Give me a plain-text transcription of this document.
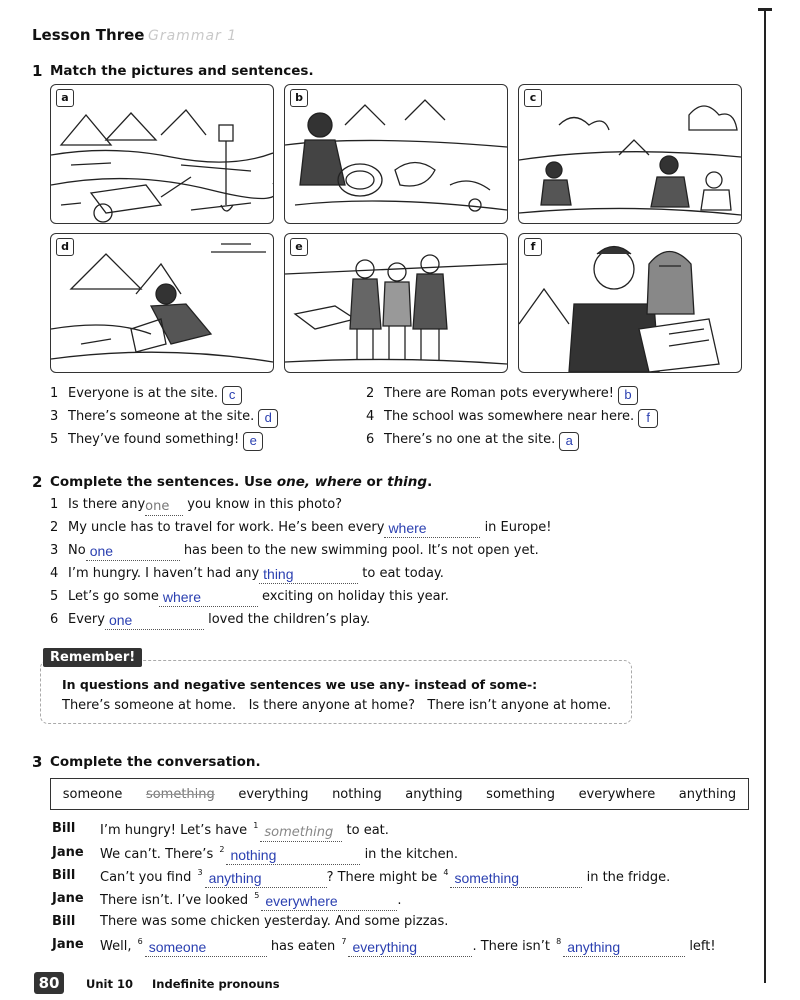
Lesson Three Grammar 1
1 Match the pictures and sentences.
a	b	c
d	e	f
1 Everyone is at the site. c	2 There are Roman pots everywhere! b
3 There’s someone at the site. d	4 The school was somewhere near here. f
5 They’ve found something! e	6 There’s no one at the site. a
2 Complete the sentences. Use one, where or thing.
1 Is there anyone you know in this photo?
2 My uncle has to travel for work. He’s been every where	in Europe!
3 No one	has been to the new swimming pool. It’s not open yet.
4 I’m hungry. I haven’t had any thing	to eat today.
5 Let’s go some where	exciting on holiday this year.
6 Every one	loved the children’s play.
Remember!
In questions and negative sentences we use any- instead of some-:
There’s someone at home.   Is there anyone at home?   There isn’t anyone at home.
3 Complete the conversation.
someone something everything nothing anything something everywhere anything
Bill I’m hungry! Let’s have $^1$ something to eat.
Jane We can’t. There’s $^2$ nothing	in the kitchen.
Bill Can’t you find $^3$ anything	? There might be $^4$ something	in the fridge.
Jane There isn’t. I’ve looked $^5$ everywhere	.
Bill There was some chicken yesterday. And some pizzas.
Jane Well, $^6$ someone	has eaten $^7$ everything	. There isn’t $^8$ anything	left!
80	Unit 10 Indefinite pronouns
